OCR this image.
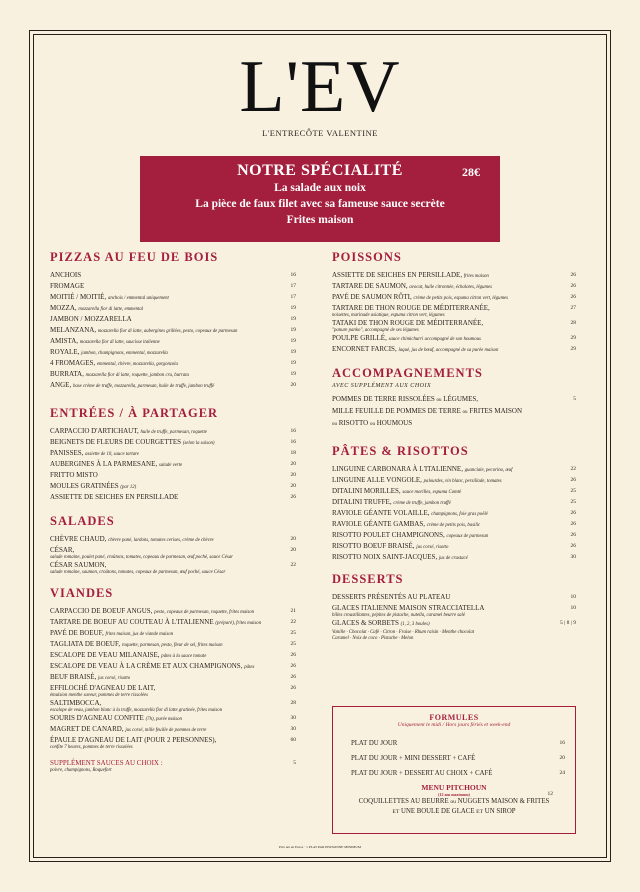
L'EV
L'ENTRECÔTE VALENTINE
NOTRE SPÉCIALITÉ	28€
La salade aux noix
La pièce de faux filet avec sa fameuse sauce secrète
Frites maison
PIZZAS AU FEU DE BOIS
ANCHOIS	16
FROMAGE	17
MOITIÉ / MOITIÉ, anchois / emmental uniquement	17
MOZZA, mozzarella fior di latte, emmental	19
JAMBON / MOZZARELLA	19
MELANZANA, mozzarella fior di latte, aubergines grillées, pesto, copeaux de parmesan	19
AMISTA, mozzarella fior di latte, saucisse italienne	19
ROYALE, jambon, champignons, emmental, mozzarella	19
4 FROMAGES, emmental, chèvre, mozzarella, gorgonzola	19
BURRATA, mozzarella fior di latte, roquette, jambon cru, burrata	19
ANGE, base crème de truffe, mozzarella, parmesan, huile de truffe, jambon truffé	20
ENTRÉES / À PARTAGER
CARPACCIO D'ARTICHAUT, huile de truffe, parmesan, roquette	16
BEIGNETS DE FLEURS DE COURGETTES (selon la saison)	16
PANISSES, assiette de 10, sauce tartare	18
AUBERGINES À LA PARMESANE, salade verte	20
FRITTO MISTO	20
MOULES GRATINÉES (par 12)	20
ASSIETTE DE SEICHES EN PERSILLADE	26
SALADES
CHÈVRE CHAUD, chèvre pané, lardons, tomates cerises, crème de chèvre	20
CÉSAR,
salade romaine, poulet pané, croûtons, tomates, copeaux de parmesan, œuf poché, sauce César
20
CÉSAR SAUMON,
salade romaine, saumon, croûtons, tomates, copeaux de parmesan, œuf poché, sauce César
22
VIANDES
CARPACCIO DE BOEUF ANGUS, pesto, copeaux de parmesan, roquette, frites maison	21
TARTARE DE BOEUF AU COUTEAU À L'ITALIENNE (préparé), frites maison	22
PAVÉ DE BOEUF, frites maison, jus de viande maison	25
TAGLIATA DE BOEUF, roquette, parmesan, pesto, fleur de sel, frites maison	25
ESCALOPE DE VEAU MILANAISE, pâtes à la sauce tomate	26
ESCALOPE DE VEAU À LA CRÈME ET AUX CHAMPIGNONS, pâtes	26
BEUF BRAISÉ, jus corsé, risotto	26
EFFILOCHÉ D'AGNEAU DE LAIT,
émulsion menthe saveur, pommes de terre rissolées
26
SALTIMBOCCA,
escalope de veau, jambon blanc à la truffe, mozzarella fior di latte gratinée, frites maison
28
SOURIS D'AGNEAU CONFITE (7h), purée maison	30
MAGRET DE CANARD, jus corsé, mille feuille de pommes de terre	30
ÉPAULE D'AGNEAU DE LAIT (POUR 2 PERSONNES),
confite 7 heures, pommes de terre rissolées
60
SUPPLÉMENT SAUCES AU CHOIX :
poivre, champignons, Roquefort
5
POISSONS
ASSIETTE DE SEICHES EN PERSILLADE, frites maison	26
TARTARE DE SAUMON, avocat, huile citronnée, échalotes, légumes	26
PAVÉ DE SAUMON RÔTI, crème de petits pois, espuma citron vert, légumes	26
TARTARE DE THON ROUGE DE MÉDITERRANÉE,
noisettes, marinade asiatique, espuma citron vert, légumes
27
TATAKI DE THON ROUGE DE MÉDITERRANÉE,
"panure panko", accompagné de ses légumes
28
POULPE GRILLÉ, sauce chimichurri accompagné de son houmous	29
ENCORNET FARCIS, laqué, jus de bœuf, accompagné de sa purée maison	29
ACCOMPAGNEMENTS
AVEC SUPPLÉMENT AUX CHOIX
POMMES DE TERRE RISSOLÉES ou LÉGUMES,	5
MILLE FEUILLE DE POMMES DE TERRE ou FRITES MAISON
ou RISOTTO ou HOUMOUS
PÂTES & RISOTTOS
LINGUINE CARBONARA À L'ITALIENNE, guanciale, pecorino, œuf	22
LINGUINE ALLE VONGOLE, palourdes, vin blanc, persillade, tomates	26
DITALINI MORILLES, sauce morilles, espuma Comté	25
DITALINI TRUFFE, crème de truffe, jambon truffé	25
RAVIOLE GÉANTE VOLAILLE, champignons, foie gras poêlé	26
RAVIOLE GÉANTE GAMBAS, crème de petits pois, basilic	26
RISOTTO POULET CHAMPIGNONS, copeaux de parmesan	26
RISOTTO BOEUF BRAISÉ, jus corsé, risotto	26
RISOTTO NOIX SAINT-JACQUES, jus de crustacé	30
DESSERTS
DESSERTS PRÉSENTÉS AU PLATEAU	10
GLACES ITALIENNE MAISON STRACCIATELLA
billes croustillantes, pépites de pistache, nutella, caramel beurre salé
10
GLACES & SORBETS (1, 2, 3 boules)	5 | 8 | 9
Vanille · Chocolat · Café · Citron · Fraise · Rhum raisin · Menthe chocolat
Caramel · Noix de coco · Pistache · Melon
FORMULES
Uniquement le midi / Hors jours fériés et week-end
PLAT DU JOUR	16
PLAT DU JOUR + MINI DESSERT + CAFÉ	20
PLAT DU JOUR + DESSERT AU CHOIX + CAFÉ	24
MENU PITCHOUN
(12 ans maximum)	12
COQUILLETTES AU BEURRE ou NUGGETS MAISON & FRITES
ET UNE BOULE DE GLACE ET UN SIROP
Prix net en Euros · 1 PLAT PAR PERSONNE MINIMUM
